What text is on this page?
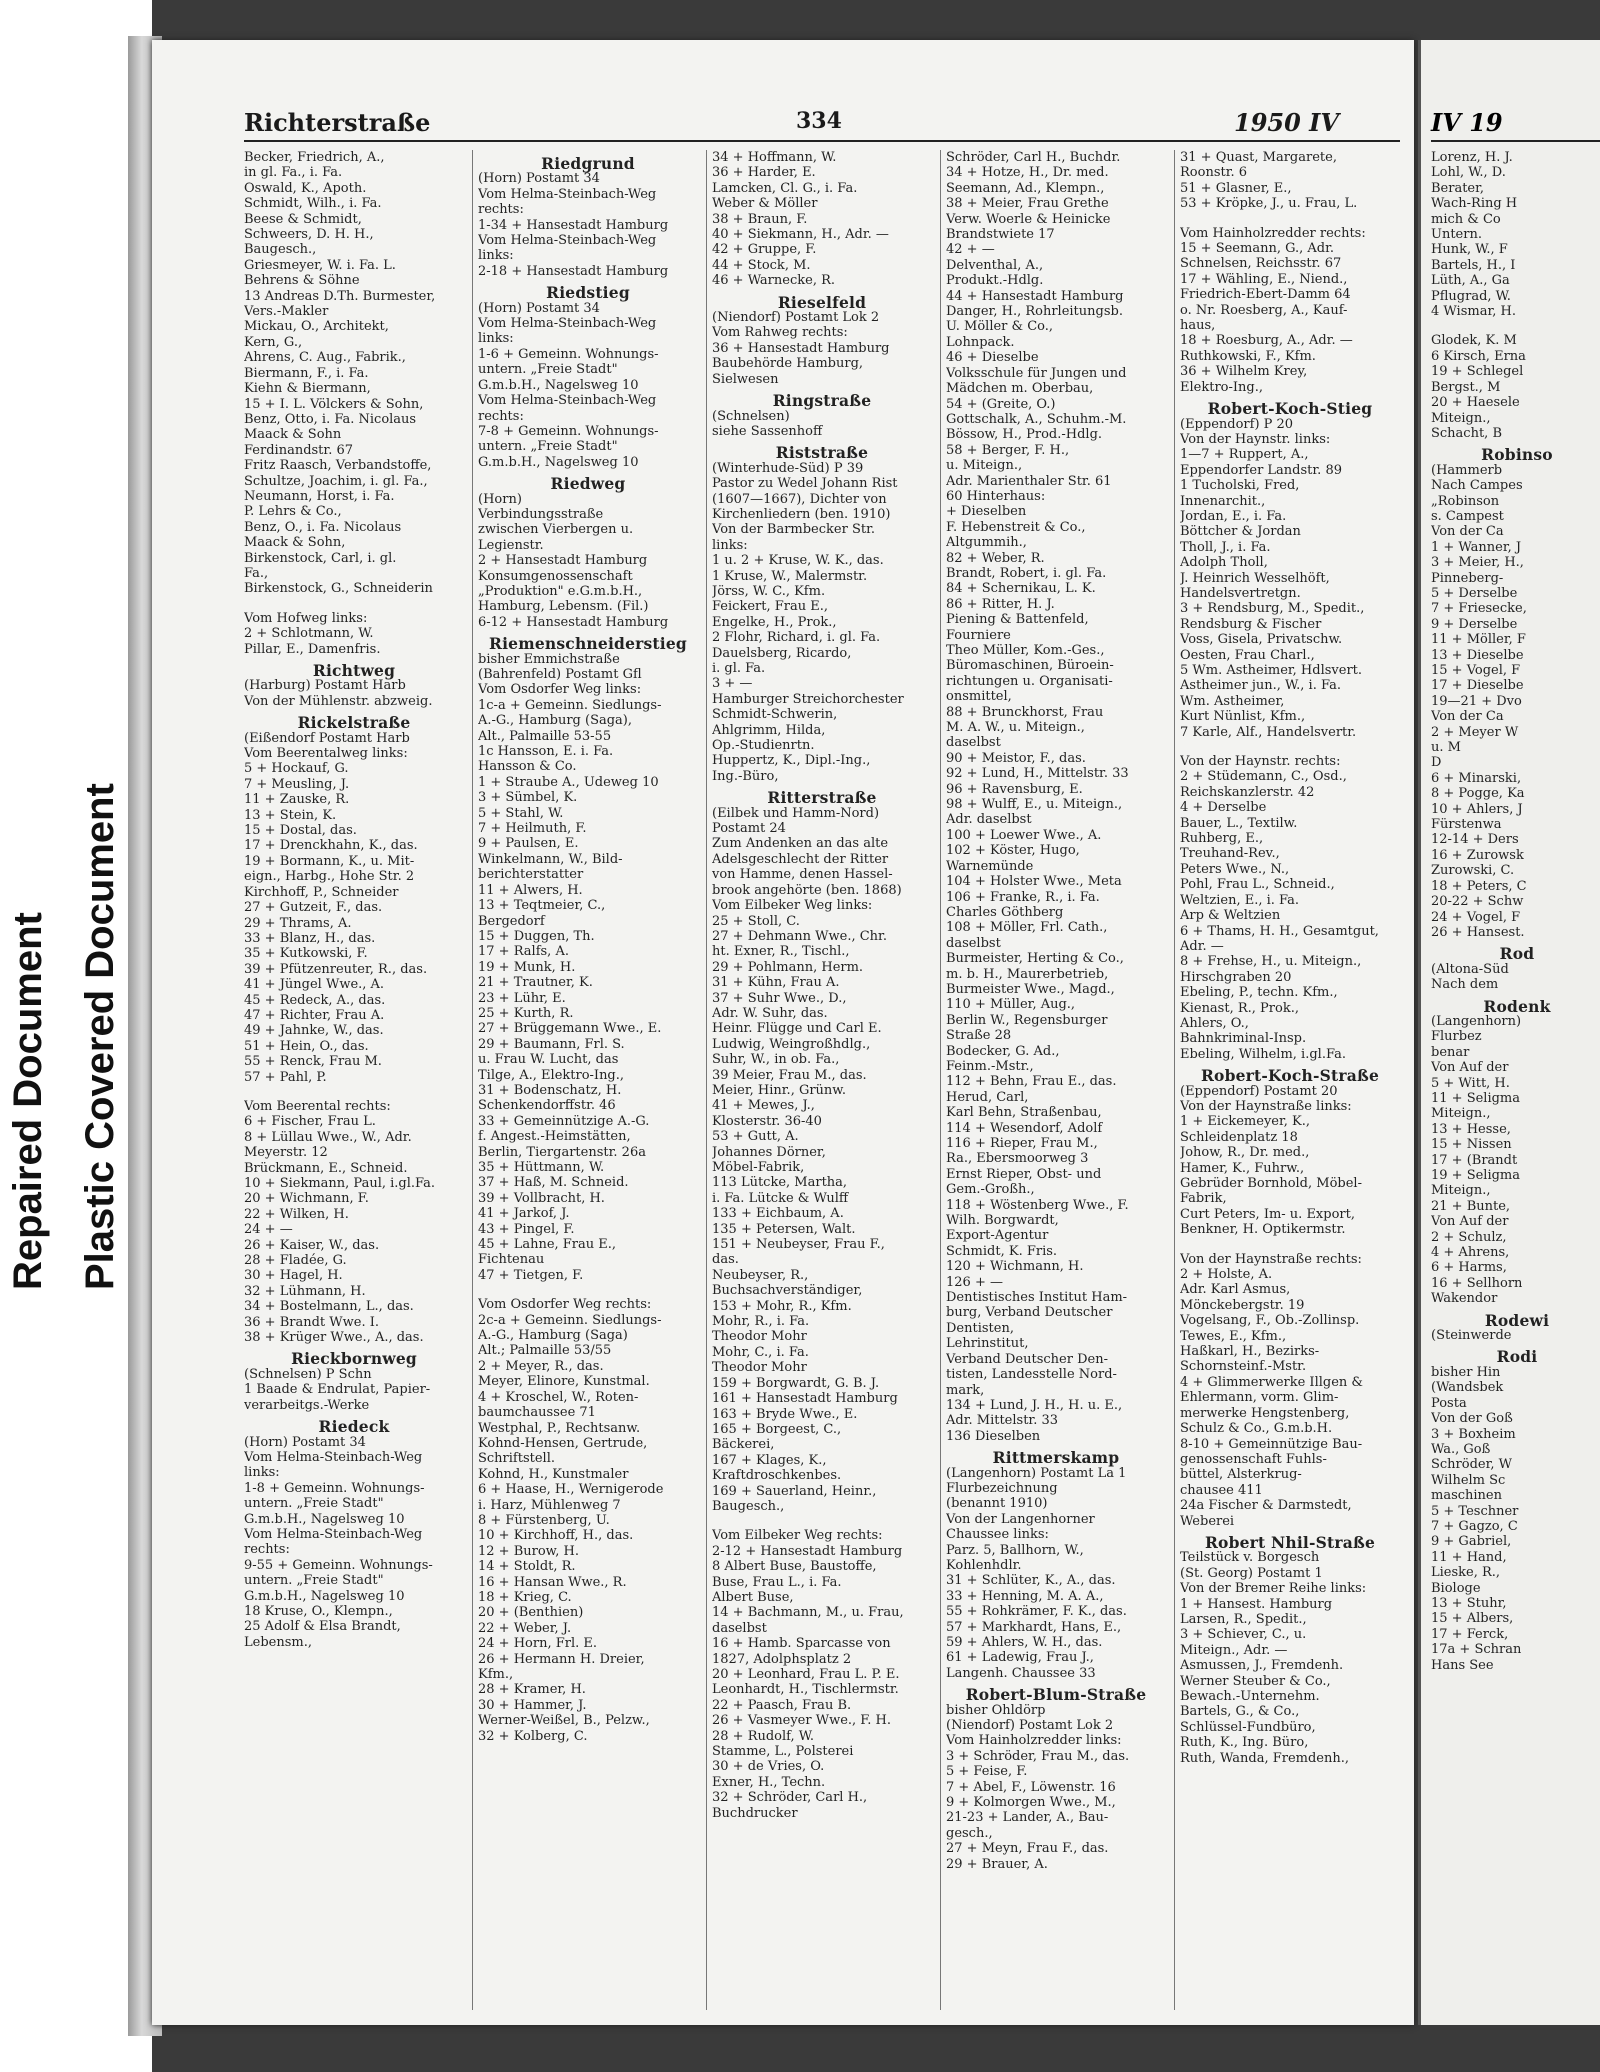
Repaired Document Plastic Covered Document
Richterstraße	334	1950 IV
Becker, Friedrich, A.,
in gl. Fa., i. Fa.
Oswald, K., Apoth.
Schmidt, Wilh., i. Fa.
Beese & Schmidt,
Schweers, D. H. H.,
Baugesch.,
Griesmeyer, W. i. Fa. L.
Behrens & Söhne
13 Andreas D.Th. Burmester,
Vers.-Makler
Mickau, O., Architekt,
Kern, G.,
Ahrens, C. Aug., Fabrik.,
Biermann, F., i. Fa.
Kiehn & Biermann,
15 + I. L. Völckers & Sohn,
Benz, Otto, i. Fa. Nicolaus
Maack & Sohn
Ferdinandstr. 67
Fritz Raasch, Verbandstoffe,
Schultze, Joachim, i. gl. Fa.,
Neumann, Horst, i. Fa.
P. Lehrs & Co.,
Benz, O., i. Fa. Nicolaus
Maack & Sohn,
Birkenstock, Carl, i. gl.
Fa.,
Birkenstock, G., Schneiderin
Vom Hofweg links:
2 + Schlotmann, W.
Pillar, E., Damenfris.
Richtweg
(Harburg) Postamt Harb
Von der Mühlenstr. abzweig.
Rickelstraße
(Eißendorf Postamt Harb
Vom Beerentalweg links:
5 + Hockauf, G.
7 + Meusling, J.
11 + Zauske, R.
13 + Stein, K.
15 + Dostal, das.
17 + Drenckhahn, K., das.
19 + Bormann, K., u. Mit-
eign., Harbg., Hohe Str. 2
Kirchhoff, P., Schneider
27 + Gutzeit, F., das.
29 + Thrams, A.
33 + Blanz, H., das.
35 + Kutkowski, F.
39 + Pfützenreuter, R., das.
41 + Jüngel Wwe., A.
45 + Redeck, A., das.
47 + Richter, Frau A.
49 + Jahnke, W., das.
51 + Hein, O., das.
55 + Renck, Frau M.
57 + Pahl, P.
Vom Beerental rechts:
6 + Fischer, Frau L.
8 + Lüllau Wwe., W., Adr.
Meyerstr. 12
Brückmann, E., Schneid.
10 + Siekmann, Paul, i.gl.Fa.
20 + Wichmann, F.
22 + Wilken, H.
24 + —
26 + Kaiser, W., das.
28 + Fladée, G.
30 + Hagel, H.
32 + Lühmann, H.
34 + Bostelmann, L., das.
36 + Brandt Wwe. I.
38 + Krüger Wwe., A., das.
Rieckbornweg
(Schnelsen) P Schn
1 Baade & Endrulat, Papier-
verarbeitgs.-Werke
Riedeck
(Horn) Postamt 34
Vom Helma-Steinbach-Weg
links:
1-8 + Gemeinn. Wohnungs-
untern. „Freie Stadt"
G.m.b.H., Nagelsweg 10
Vom Helma-Steinbach-Weg
rechts:
9-55 + Gemeinn. Wohnungs-
untern. „Freie Stadt"
G.m.b.H., Nagelsweg 10
18 Kruse, O., Klempn.,
25 Adolf & Elsa Brandt,
Lebensm.,
Riedgrund
(Horn) Postamt 34
Vom Helma-Steinbach-Weg
rechts:
1-34 + Hansestadt Hamburg
Vom Helma-Steinbach-Weg
links:
2-18 + Hansestadt Hamburg
Riedstieg
(Horn) Postamt 34
Vom Helma-Steinbach-Weg
links:
1-6 + Gemeinn. Wohnungs-
untern. „Freie Stadt"
G.m.b.H., Nagelsweg 10
Vom Helma-Steinbach-Weg
rechts:
7-8 + Gemeinn. Wohnungs-
untern. „Freie Stadt"
G.m.b.H., Nagelsweg 10
Riedweg
(Horn)
Verbindungsstraße
zwischen Vierbergen u.
Legienstr.
2 + Hansestadt Hamburg
Konsumgenossenschaft
„Produktion" e.G.m.b.H.,
Hamburg, Lebensm. (Fil.)
6-12 + Hansestadt Hamburg
Riemenschneiderstieg
bisher Emmichstraße
(Bahrenfeld) Postamt Gfl
Vom Osdorfer Weg links:
1c-a + Gemeinn. Siedlungs-
A.-G., Hamburg (Saga),
Alt., Palmaille 53-55
1c Hansson, E. i. Fa.
Hansson & Co.
1 + Straube A., Udeweg 10
3 + Sümbel, K.
5 + Stahl, W.
7 + Heilmuth, F.
9 + Paulsen, E.
Winkelmann, W., Bild-
berichterstatter
11 + Alwers, H.
13 + Teqtmeier, C.,
Bergedorf
15 + Duggen, Th.
17 + Ralfs, A.
19 + Munk, H.
21 + Trautner, K.
23 + Lühr, E.
25 + Kurth, R.
27 + Brüggemann Wwe., E.
29 + Baumann, Frl. S.
u. Frau W. Lucht, das
Tilge, A., Elektro-Ing.,
31 + Bodenschatz, H.
Schenkendorffstr. 46
33 + Gemeinnützige A.-G.
f. Angest.-Heimstätten,
Berlin, Tiergartenstr. 26a
35 + Hüttmann, W.
37 + Haß, M. Schneid.
39 + Vollbracht, H.
41 + Jarkof, J.
43 + Pingel, F.
45 + Lahne, Frau E.,
Fichtenau
47 + Tietgen, F.
Vom Osdorfer Weg rechts:
2c-a + Gemeinn. Siedlungs-
A.-G., Hamburg (Saga)
Alt.; Palmaille 53/55
2 + Meyer, R., das.
Meyer, Elinore, Kunstmal.
4 + Kroschel, W., Roten-
baumchaussee 71
Westphal, P., Rechtsanw.
Kohnd-Hensen, Gertrude,
Schriftstell.
Kohnd, H., Kunstmaler
6 + Haase, H., Wernigerode
i. Harz, Mühlenweg 7
8 + Fürstenberg, U.
10 + Kirchhoff, H., das.
12 + Burow, H.
14 + Stoldt, R.
16 + Hansan Wwe., R.
18 + Krieg, C.
20 + (Benthien)
22 + Weber, J.
24 + Horn, Frl. E.
26 + Hermann H. Dreier,
Kfm.,
28 + Kramer, H.
30 + Hammer, J.
Werner-Weißel, B., Pelzw.,
32 + Kolberg, C.
34 + Hoffmann, W.
36 + Harder, E.
Lamcken, Cl. G., i. Fa.
Weber & Möller
38 + Braun, F.
40 + Siekmann, H., Adr. —
42 + Gruppe, F.
44 + Stock, M.
46 + Warnecke, R.
Rieselfeld
(Niendorf) Postamt Lok 2
Vom Rahweg rechts:
36 + Hansestadt Hamburg
Baubehörde Hamburg,
Sielwesen
Ringstraße
(Schnelsen)
siehe Sassenhoff
Riststraße
(Winterhude-Süd) P 39
Pastor zu Wedel Johann Rist
(1607—1667), Dichter von
Kirchenliedern (ben. 1910)
Von der Barmbecker Str.
links:
1 u. 2 + Kruse, W. K., das.
1 Kruse, W., Malermstr.
Jörss, W. C., Kfm.
Feickert, Frau E.,
Engelke, H., Prok.,
2 Flohr, Richard, i. gl. Fa.
Dauelsberg, Ricardo,
i. gl. Fa.
3 + —
Hamburger Streichorchester
Schmidt-Schwerin,
Ahlgrimm, Hilda,
Op.-Studienrtn.
Huppertz, K., Dipl.-Ing.,
Ing.-Büro,
Ritterstraße
(Eilbek und Hamm-Nord)
Postamt 24
Zum Andenken an das alte
Adelsgeschlecht der Ritter
von Hamme, denen Hassel-
brook angehörte (ben. 1868)
Vom Eilbeker Weg links:
25 + Stoll, C.
27 + Dehmann Wwe., Chr.
ht. Exner, R., Tischl.,
29 + Pohlmann, Herm.
31 + Kühn, Frau A.
37 + Suhr Wwe., D.,
Adr. W. Suhr, das.
Heinr. Flügge und Carl E.
Ludwig, Weingroßhdlg.,
Suhr, W., in ob. Fa.,
39 Meier, Frau M., das.
Meier, Hinr., Grünw.
41 + Mewes, J.,
Klosterstr. 36-40
53 + Gutt, A.
Johannes Dörner,
Möbel-Fabrik,
113 Lütcke, Martha,
i. Fa. Lütcke & Wulff
133 + Eichbaum, A.
135 + Petersen, Walt.
151 + Neubeyser, Frau F.,
das.
Neubeyser, R.,
Buchsachverständiger,
153 + Mohr, R., Kfm.
Mohr, R., i. Fa.
Theodor Mohr
Mohr, C., i. Fa.
Theodor Mohr
159 + Borgwardt, G. B. J.
161 + Hansestadt Hamburg
163 + Bryde Wwe., E.
165 + Borgeest, C.,
Bäckerei,
167 + Klages, K.,
Kraftdroschkenbes.
169 + Sauerland, Heinr.,
Baugesch.,
Vom Eilbeker Weg rechts:
2-12 + Hansestadt Hamburg
8 Albert Buse, Baustoffe,
Buse, Frau L., i. Fa.
Albert Buse,
14 + Bachmann, M., u. Frau,
daselbst
16 + Hamb. Sparcasse von
1827, Adolphsplatz 2
20 + Leonhard, Frau L. P. E.
Leonhardt, H., Tischlermstr.
22 + Paasch, Frau B.
26 + Vasmeyer Wwe., F. H.
28 + Rudolf, W.
Stamme, L., Polsterei
30 + de Vries, O.
Exner, H., Techn.
32 + Schröder, Carl H.,
Buchdrucker
Schröder, Carl H., Buchdr.
34 + Hotze, H., Dr. med.
Seemann, Ad., Klempn.,
38 + Meier, Frau Grethe
Verw. Woerle & Heinicke
Brandstwiete 17
42 + —
Delventhal, A.,
Produkt.-Hdlg.
44 + Hansestadt Hamburg
Danger, H., Rohrleitungsb.
U. Möller & Co.,
Lohnpack.
46 + Dieselbe
Volksschule für Jungen und
Mädchen m. Oberbau,
54 + (Greite, O.)
Gottschalk, A., Schuhm.-M.
Bössow, H., Prod.-Hdlg.
58 + Berger, F. H.,
u. Miteign.,
Adr. Marienthaler Str. 61
60 Hinterhaus:
+ Dieselben
F. Hebenstreit & Co.,
Altgummih.,
82 + Weber, R.
Brandt, Robert, i. gl. Fa.
84 + Schernikau, L. K.
86 + Ritter, H. J.
Piening & Battenfeld,
Fourniere
Theo Müller, Kom.-Ges.,
Büromaschinen, Büroein-
richtungen u. Organisati-
onsmittel,
88 + Brunckhorst, Frau
M. A. W., u. Miteign.,
daselbst
90 + Meistor, F., das.
92 + Lund, H., Mittelstr. 33
96 + Ravensburg, E.
98 + Wulff, E., u. Miteign.,
Adr. daselbst
100 + Loewer Wwe., A.
102 + Köster, Hugo,
Warnemünde
104 + Holster Wwe., Meta
106 + Franke, R., i. Fa.
Charles Göthberg
108 + Möller, Frl. Cath.,
daselbst
Burmeister, Herting & Co.,
m. b. H., Maurerbetrieb,
Burmeister Wwe., Magd.,
110 + Müller, Aug.,
Berlin W., Regensburger
Straße 28
Bodecker, G. Ad.,
Feinm.-Mstr.,
112 + Behn, Frau E., das.
Herud, Carl,
Karl Behn, Straßenbau,
114 + Wesendorf, Adolf
116 + Rieper, Frau M.,
Ra., Ebersmoorweg 3
Ernst Rieper, Obst- und
Gem.-Großh.,
118 + Wöstenberg Wwe., F.
Wilh. Borgwardt,
Export-Agentur
Schmidt, K. Fris.
120 + Wichmann, H.
126 + —
Dentistisches Institut Ham-
burg, Verband Deutscher
Dentisten,
Lehrinstitut,
Verband Deutscher Den-
tisten, Landesstelle Nord-
mark,
134 + Lund, J. H., H. u. E.,
Adr. Mittelstr. 33
136 Dieselben
Rittmerskamp
(Langenhorn) Postamt La 1
Flurbezeichnung
(benannt 1910)
Von der Langenhorner
Chaussee links:
Parz. 5, Ballhorn, W.,
Kohlenhdlr.
31 + Schlüter, K., A., das.
33 + Henning, M. A. A.,
55 + Rohkrämer, F. K., das.
57 + Markhardt, Hans, E.,
59 + Ahlers, W. H., das.
61 + Ladewig, Frau J.,
Langenh. Chaussee 33
Robert-Blum-Straße
bisher Ohldörp
(Niendorf) Postamt Lok 2
Vom Hainholzredder links:
3 + Schröder, Frau M., das.
5 + Feise, F.
7 + Abel, F., Löwenstr. 16
9 + Kolmorgen Wwe., M.,
21-23 + Lander, A., Bau-
gesch.,
27 + Meyn, Frau F., das.
29 + Brauer, A.
31 + Quast, Margarete,
Roonstr. 6
51 + Glasner, E.,
53 + Kröpke, J., u. Frau, L.
Vom Hainholzredder rechts:
15 + Seemann, G., Adr.
Schnelsen, Reichsstr. 67
17 + Wähling, E., Niend.,
Friedrich-Ebert-Damm 64
o. Nr. Roesberg, A., Kauf-
haus,
18 + Roesburg, A., Adr. —
Ruthkowski, F., Kfm.
36 + Wilhelm Krey,
Elektro-Ing.,
Robert-Koch-Stieg
(Eppendorf) P 20
Von der Haynstr. links:
1—7 + Ruppert, A.,
Eppendorfer Landstr. 89
1 Tucholski, Fred,
Innenarchit.,
Jordan, E., i. Fa.
Böttcher & Jordan
Tholl, J., i. Fa.
Adolph Tholl,
J. Heinrich Wesselhöft,
Handelsvertretgn.
3 + Rendsburg, M., Spedit.,
Rendsburg & Fischer
Voss, Gisela, Privatschw.
Oesten, Frau Charl.,
5 Wm. Astheimer, Hdlsvert.
Astheimer jun., W., i. Fa.
Wm. Astheimer,
Kurt Nünlist, Kfm.,
7 Karle, Alf., Handelsvertr.
Von der Haynstr. rechts:
2 + Stüdemann, C., Osd.,
Reichskanzlerstr. 42
4 + Derselbe
Bauer, L., Textilw.
Ruhberg, E.,
Treuhand-Rev.,
Peters Wwe., N.,
Pohl, Frau L., Schneid.,
Weltzien, E., i. Fa.
Arp & Weltzien
6 + Thams, H. H., Gesamtgut,
Adr. —
8 + Frehse, H., u. Miteign.,
Hirschgraben 20
Ebeling, P., techn. Kfm.,
Kienast, R., Prok.,
Ahlers, O.,
Bahnkriminal-Insp.
Ebeling, Wilhelm, i.gl.Fa.
Robert-Koch-Straße
(Eppendorf) Postamt 20
Von der Haynstraße links:
1 + Eickemeyer, K.,
Schleidenplatz 18
Johow, R., Dr. med.,
Hamer, K., Fuhrw.,
Gebrüder Bornhold, Möbel-
Fabrik,
Curt Peters, Im- u. Export,
Benkner, H. Optikermstr.
Von der Haynstraße rechts:
2 + Holste, A.
Adr. Karl Asmus,
Mönckebergstr. 19
Vogelsang, F., Ob.-Zollinsp.
Tewes, E., Kfm.,
Haßkarl, H., Bezirks-
Schornsteinf.-Mstr.
4 + Glimmerwerke Illgen &
Ehlermann, vorm. Glim-
merwerke Hengstenberg,
Schulz & Co., G.m.b.H.
8-10 + Gemeinnützige Bau-
genossenschaft Fuhls-
büttel, Alsterkrug-
chausee 411
24a Fischer & Darmstedt,
Weberei
Robert Nhil-Straße
Teilstück v. Borgesch
(St. Georg) Postamt 1
Von der Bremer Reihe links:
1 + Hansest. Hamburg
Larsen, R., Spedit.,
3 + Schiever, C., u.
Miteign., Adr. —
Asmussen, J., Fremdenh.
Werner Steuber & Co.,
Bewach.-Unternehm.
Bartels, G., & Co.,
Schlüssel-Fundbüro,
Ruth, K., Ing. Büro,
Ruth, Wanda, Fremdenh.,
IV 19
Lorenz, H. J.
Lohl, W., D.
Berater,
Wach-Ring H
mich & Co
Untern.
Hunk, W., F
Bartels, H., I
Lüth, A., Ga
Pflugrad, W.
4 Wismar, H.
Glodek, K. M
6 Kirsch, Erna
19 + Schlegel
Bergst., M
20 + Haesele
Miteign.,
Schacht, B
Robinso
(Hammerb
Nach Campes
„Robinson
s. Campest
Von der Ca
1 + Wanner, J
3 + Meier, H.,
Pinneberg-
5 + Derselbe
7 + Friesecke,
9 + Derselbe
11 + Möller, F
13 + Dieselbe
15 + Vogel, F
17 + Dieselbe
19—21 + Dvo
Von der Ca
2 + Meyer W
u. M
D
6 + Minarski,
8 + Pogge, Ka
10 + Ahlers, J
Fürstenwa
12-14 + Ders
16 + Zurowsk
Zurowski, C.
18 + Peters, C
20-22 + Schw
24 + Vogel, F
26 + Hansest.
Rod
(Altona-Süd
Nach dem
Rodenk
(Langenhorn)
Flurbez
benar
Von Auf der
5 + Witt, H.
11 + Seligma
Miteign.,
13 + Hesse,
15 + Nissen
17 + (Brandt
19 + Seligma
Miteign.,
21 + Bunte,
Von Auf der
2 + Schulz,
4 + Ahrens,
6 + Harms,
16 + Sellhorn
Wakendor
Rodewi
(Steinwerde
Rodi
bisher Hin
(Wandsbek
Posta
Von der Goß
3 + Boxheim
Wa., Goß
Schröder, W
Wilhelm Sc
maschinen
5 + Teschner
7 + Gagzo, C
9 + Gabriel,
11 + Hand,
Lieske, R.,
Biologe
13 + Stuhr,
15 + Albers,
17 + Ferck,
17a + Schran
Hans See
